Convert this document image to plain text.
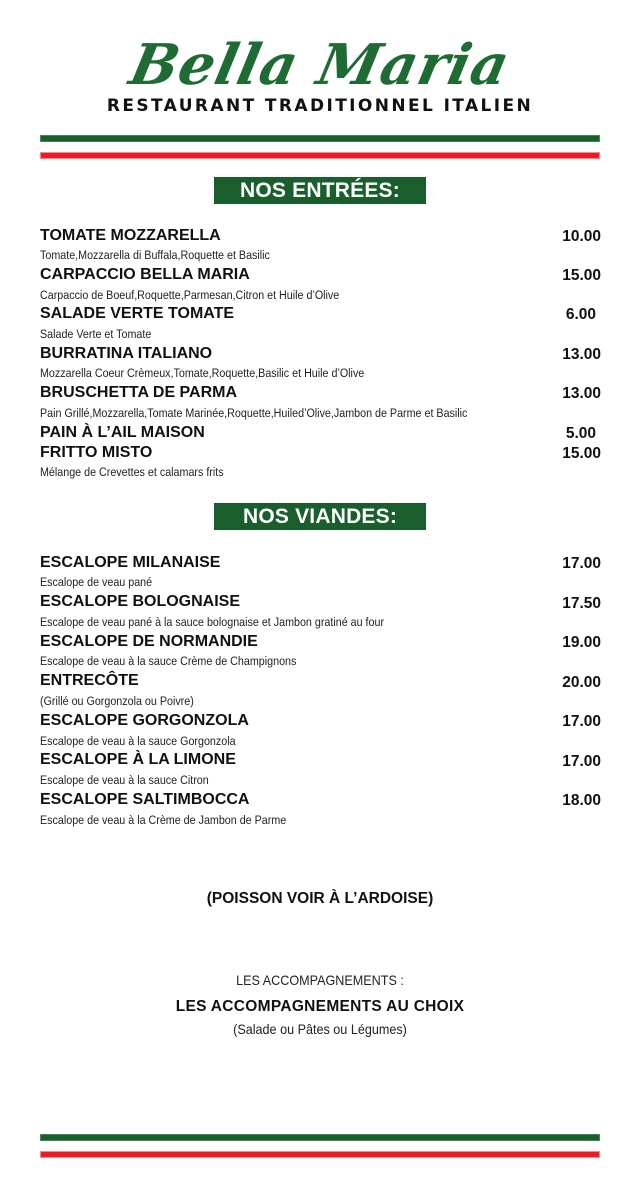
Bella Maria
RESTAURANT TRADITIONNEL ITALIEN
NOS ENTRÉES:
TOMATE MOZZARELLA	10.00
Tomate,Mozzarella di Buffala,Roquette et Basilic
CARPACCIO BELLA MARIA	15.00
Carpaccio de Boeuf,Roquette,Parmesan,Citron et Huile d’Olive
SALADE VERTE TOMATE	6.00
Salade Verte et Tomate
BURRATINA ITALIANO	13.00
Mozzarella Coeur Crèmeux,Tomate,Roquette,Basilic et Huile d’Olive
BRUSCHETTA DE PARMA	13.00
Pain Grillé,Mozzarella,Tomate Marinée,Roquette,Huiled’Olive,Jambon de Parme et Basilic
PAIN À L’AIL MAISON	5.00
FRITTO MISTO	15.00
Mélange de Crevettes et calamars frits
NOS VIANDES:
ESCALOPE MILANAISE	17.00
Escalope de veau pané
ESCALOPE BOLOGNAISE	17.50
Escalope de veau pané à la sauce bolognaise et Jambon gratiné au four
ESCALOPE DE NORMANDIE	19.00
Escalope de veau à la sauce Crème de Champignons
ENTRECÔTE	20.00
(Grillé ou Gorgonzola ou Poivre)
ESCALOPE GORGONZOLA	17.00
Escalope de veau à la sauce Gorgonzola
ESCALOPE À LA LIMONE	17.00
Escalope de veau à la sauce Citron
ESCALOPE SALTIMBOCCA	18.00
Escalope de veau à la Crème de Jambon de Parme
(POISSON VOIR À L’ARDOISE)
LES ACCOMPAGNEMENTS :
LES ACCOMPAGNEMENTS AU CHOIX
(Salade ou Pâtes ou Légumes)
